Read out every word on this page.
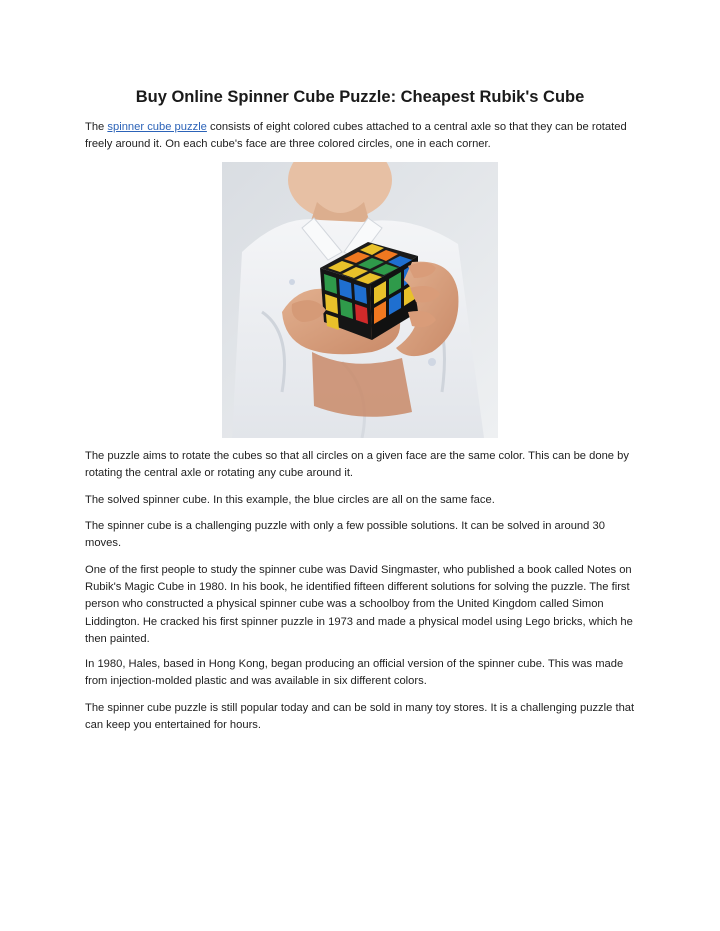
Buy Online Spinner Cube Puzzle: Cheapest Rubik's Cube

The spinner cube puzzle consists of eight colored cubes attached to a central axle so that they can be rotated freely around it. On each cube's face are three colored circles, one in each corner.

The puzzle aims to rotate the cubes so that all circles on a given face are the same color. This can be done by rotating the central axle or rotating any cube around it.

The solved spinner cube. In this example, the blue circles are all on the same face.

The spinner cube is a challenging puzzle with only a few possible solutions. It can be solved in around 30 moves.

One of the first people to study the spinner cube was David Singmaster, who published a book called Notes on Rubik's Magic Cube in 1980. In his book, he identified fifteen different solutions for solving the puzzle. The first person who constructed a physical spinner cube was a schoolboy from the United Kingdom called Simon Liddington. He cracked his first spinner puzzle in 1973 and made a physical model using Lego bricks, which he then painted.

In 1980, Hales, based in Hong Kong, began producing an official version of the spinner cube. This was made from injection-molded plastic and was available in six different colors.

The spinner cube puzzle is still popular today and can be sold in many toy stores. It is a challenging puzzle that can keep you entertained for hours.
